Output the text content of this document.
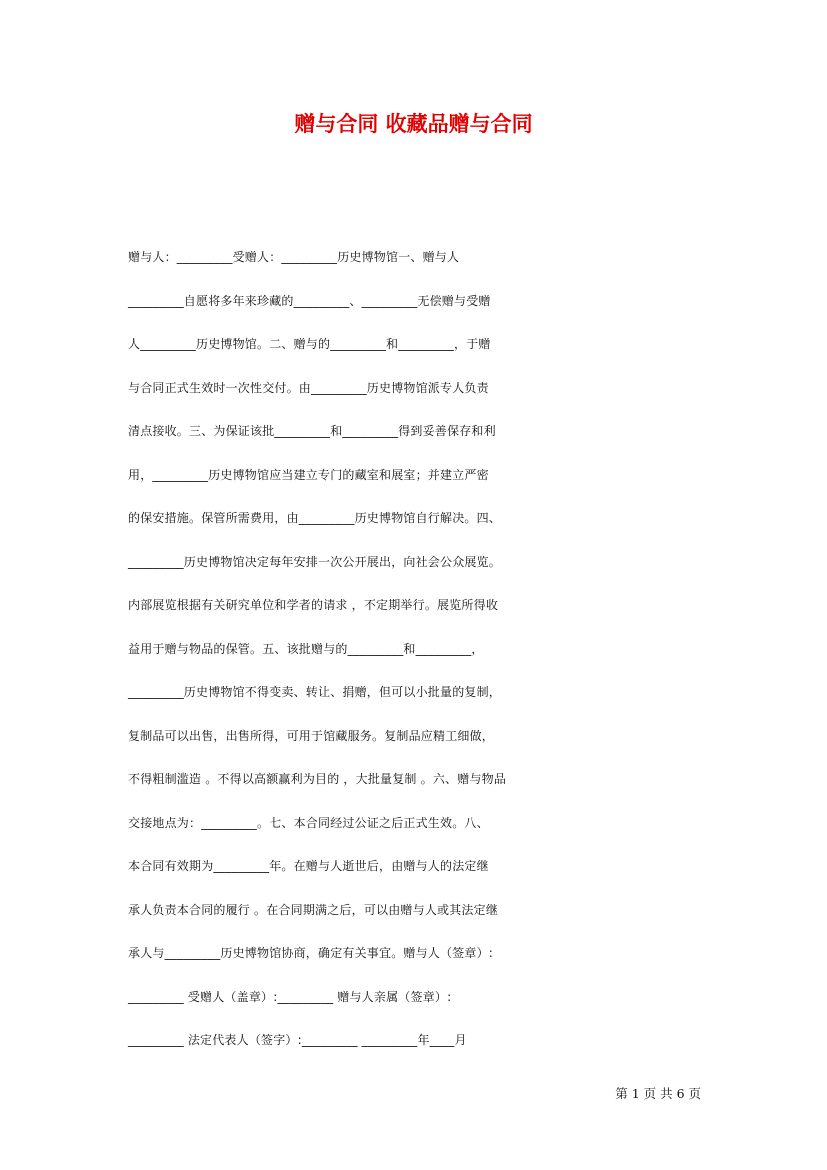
赠与合同 收藏品赠与合同
赠与人：_________受赠人：_________历史博物馆一、赠与人
_________自愿将多年来珍藏的_________、_________无偿赠与受赠
人_________历史博物馆。二、赠与的_________和_________，于赠
与合同正式生效时一次性交付。由_________历史博物馆派专人负责
清点接收。三、为保证该批_________和_________得到妥善保存和利
用，_________历史博物馆应当建立专门的藏室和展室；并建立严密
的保安措施。保管所需费用，由_________历史博物馆自行解决。四、
_________历史博物馆决定每年安排一次公开展出，向社会公众展览。
内部展览根据有关研究单位和学者的请求 ，不定期举行。展览所得收
益用于赠与物品的保管。五、该批赠与的_________和_________，
_________历史博物馆不得变卖、转让、捐赠，但可以小批量的复制，
复制品可以出售，出售所得，可用于馆藏服务。复制品应精工细做，
不得粗制滥造 。不得以高额赢利为目的 ，大批量复制 。六、赠与物品
交接地点为：_________。七、本合同经过公证之后正式生效。八、
本合同有效期为_________年。在赠与人逝世后，由赠与人的法定继
承人负责本合同的履行 。在合同期满之后，可以由赠与人或其法定继
承人与_________历史博物馆协商，确定有关事宜。赠与人（签章）:
_________ 受赠人（盖章）:_________ 赠与人亲属（签章）:
_________ 法定代表人（签字）:_________ _________年____月
第 1 页 共 6 页
